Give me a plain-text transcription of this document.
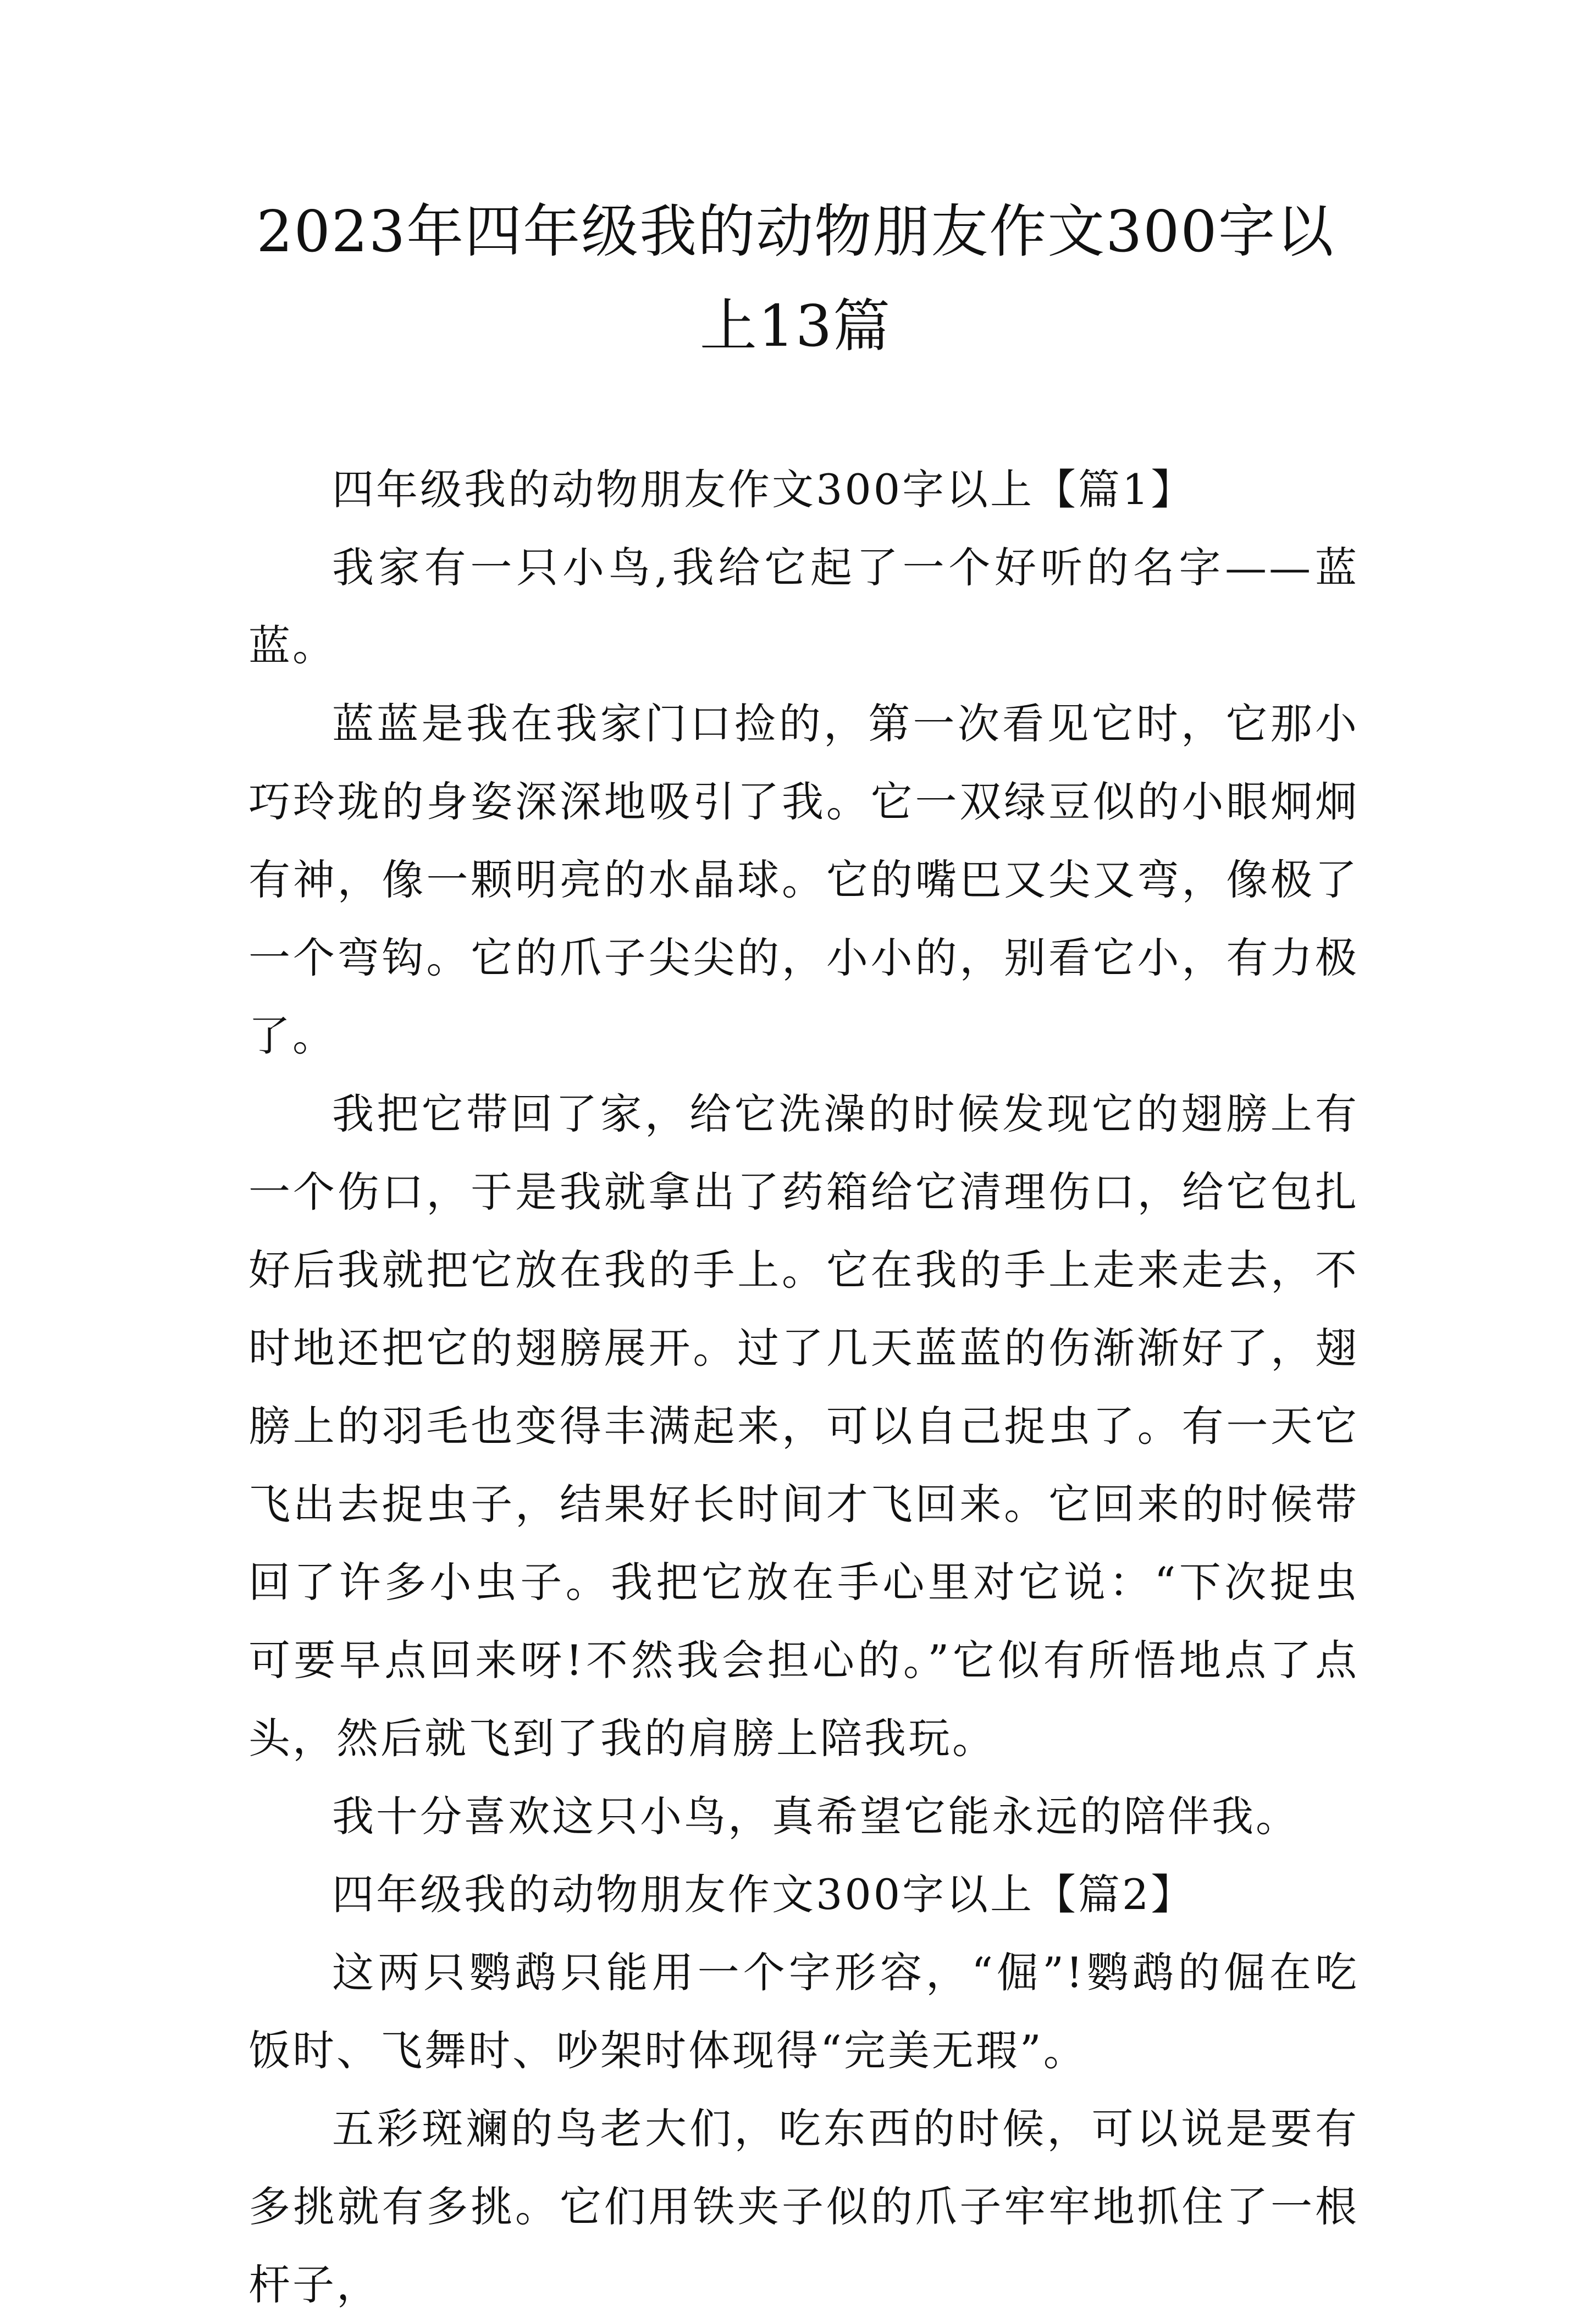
2023年四年级我的动物朋友作文300字以
上13篇

四年级我的动物朋友作文300字以上【篇1】

我家有一只小鸟,我给它起了一个好听的名字——蓝蓝。

蓝蓝是我在我家门口捡的，第一次看见它时，它那小巧玲珑的身姿深深地吸引了我。它一双绿豆似的小眼炯炯有神，像一颗明亮的水晶球。它的嘴巴又尖又弯，像极了一个弯钩。它的爪子尖尖的，小小的，别看它小，有力极了。

我把它带回了家，给它洗澡的时候发现它的翅膀上有一个伤口，于是我就拿出了药箱给它清理伤口，给它包扎好后我就把它放在我的手上。它在我的手上走来走去，不时地还把它的翅膀展开。过了几天蓝蓝的伤渐渐好了，翅膀上的羽毛也变得丰满起来，可以自己捉虫了。有一天它飞出去捉虫子，结果好长时间才飞回来。它回来的时候带回了许多小虫子。我把它放在手心里对它说：“下次捉虫可要早点回来呀!不然我会担心的。”它似有所悟地点了点头，然后就飞到了我的肩膀上陪我玩。

我十分喜欢这只小鸟，真希望它能永远的陪伴我。

四年级我的动物朋友作文300字以上【篇2】

这两只鹦鹉只能用一个字形容，“倔”!鹦鹉的倔在吃饭时、飞舞时、吵架时体现得“完美无瑕”。

五彩斑斓的鸟老大们，吃东西的时候，可以说是要有多挑就有多挑。它们用铁夹子似的爪子牢牢地抓住了一根杆子，
